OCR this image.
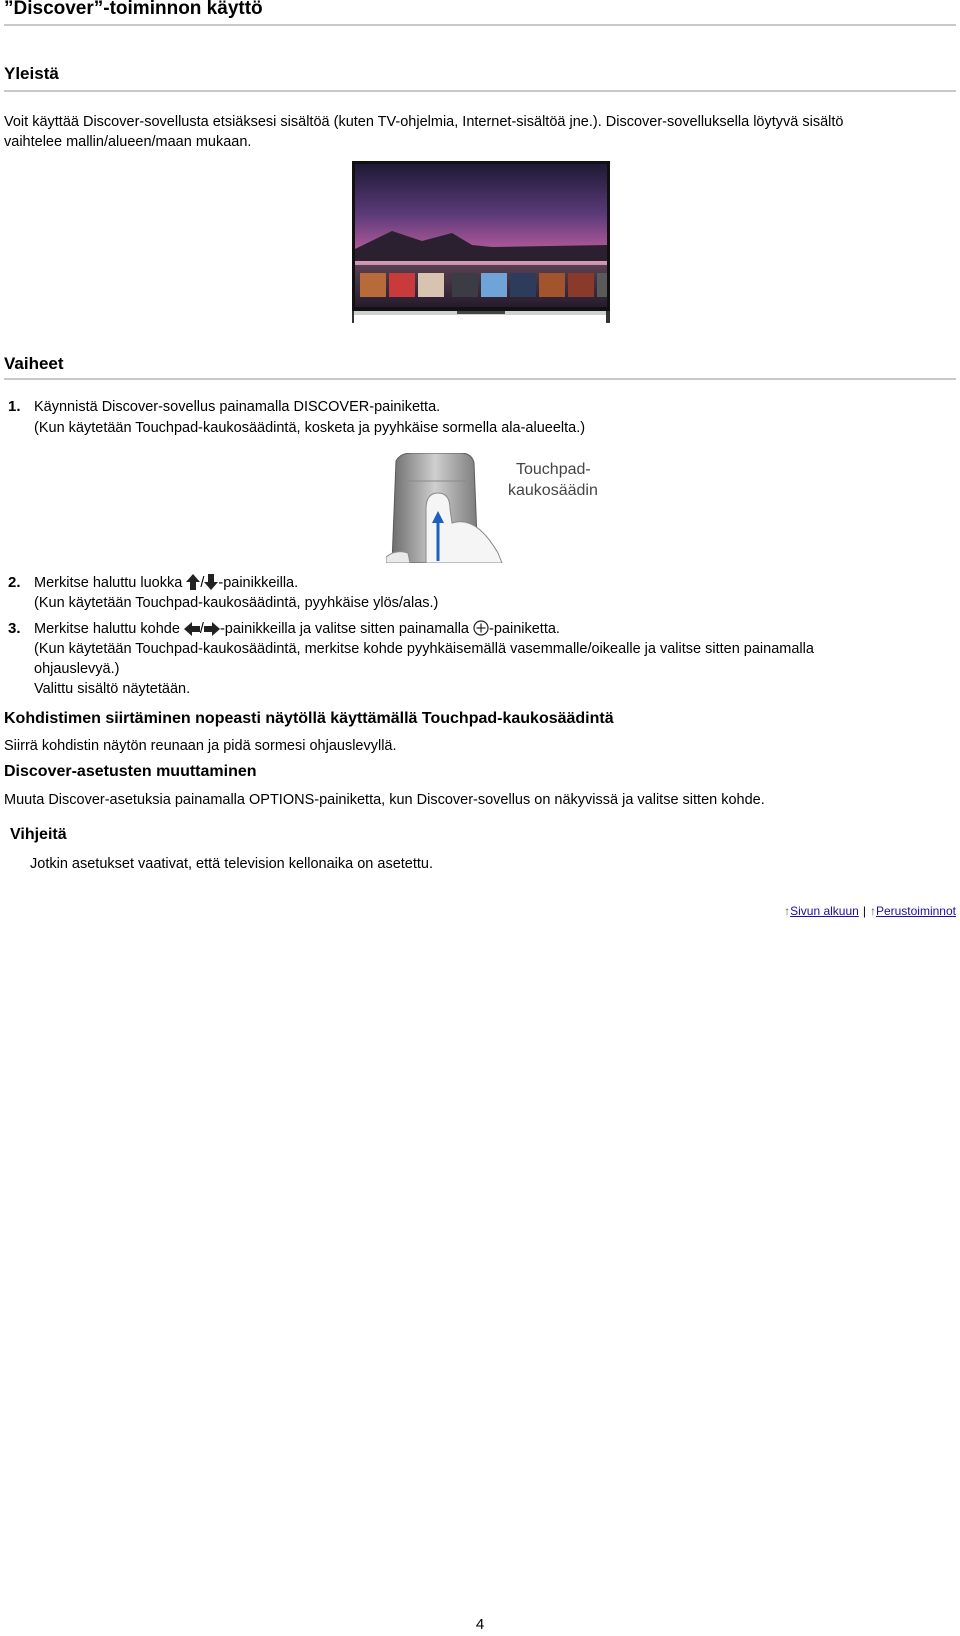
”Discover”-toiminnon käyttö
Yleistä
Voit käyttää Discover-sovellusta etsiäksesi sisältöä (kuten TV-ohjelmia, Internet-sisältöä jne.). Discover-sovelluksella löytyvä sisältö
vaihtelee mallin/alueen/maan mukaan.
Vaiheet
1. Käynnistä Discover-sovellus painamalla DISCOVER-painiketta.
(Kun käytetään Touchpad-kaukosäädintä, kosketa ja pyyhkäise sormella ala-alueelta.)
Touchpad-
kaukosäädin
2. Merkitse haluttu luokka / -painikkeilla.
(Kun käytetään Touchpad-kaukosäädintä, pyyhkäise ylös/alas.)
3. Merkitse haluttu kohde / -painikkeilla ja valitse sitten painamalla -painiketta.
(Kun käytetään Touchpad-kaukosäädintä, merkitse kohde pyyhkäisemällä vasemmalle/oikealle ja valitse sitten painamalla
ohjauslevyä.)
Valittu sisältö näytetään.
Kohdistimen siirtäminen nopeasti näytöllä käyttämällä Touchpad-kaukosäädintä
Siirrä kohdistin näytön reunaan ja pidä sormesi ohjauslevyllä.
Discover-asetusten muuttaminen
Muuta Discover-asetuksia painamalla OPTIONS-painiketta, kun Discover-sovellus on näkyvissä ja valitse sitten kohde.
Vihjeitä
Jotkin asetukset vaativat, että television kellonaika on asetettu.
↑Sivun alkuun | ↑Perustoiminnot
4
